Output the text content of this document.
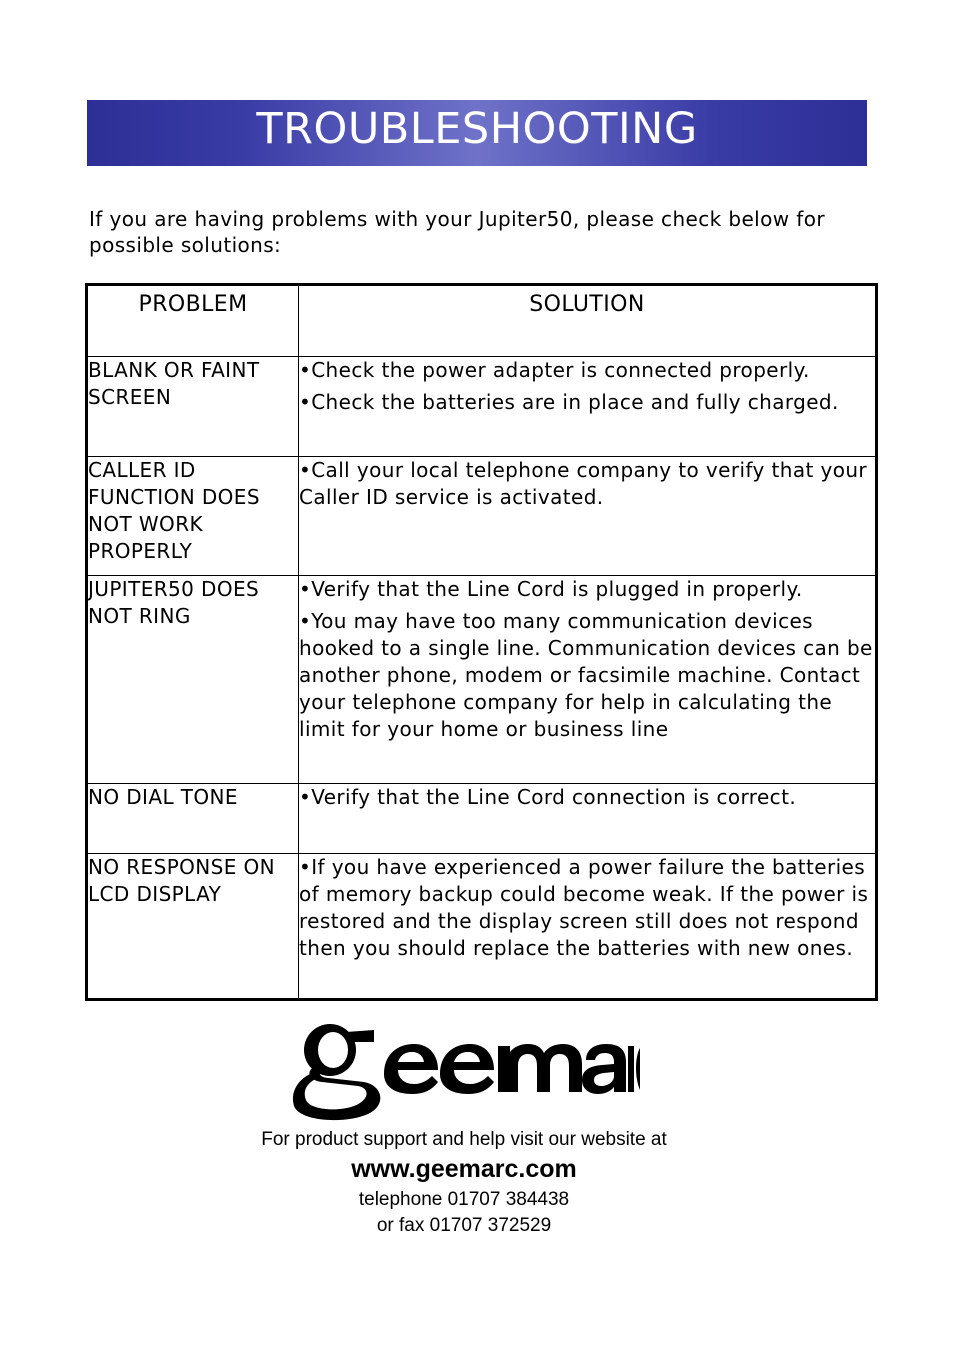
TROUBLESHOOTING
If you are having problems with your Jupiter50, please check below for possible solutions:
PROBLEM	SOLUTION

BLANK OR FAINT SCREEN	•Check the power adapter is connected properly.

•Check the batteries are in place and fully charged.

CALLER ID FUNCTION DOES NOT WORK PROPERLY	•Call your local telephone company to verify that your Caller ID service is activated.

JUPITER50 DOES NOT RING	•Verify that the Line Cord is plugged in properly.

•You may have too many communication devices hooked to a single line. Communication devices can be another phone, modem or facsimile machine. Contact your telephone company for help in calculating the limit for your home or business line

NO DIAL TONE	•Verify that the Line Cord connection is correct.

NO RESPONSE ON LCD DISPLAY	•If you have experienced a power failure the batteries of memory backup could become weak. If the power is restored and the display screen still does not respond then you should replace the batteries with new ones.

For product support and help visit our website at
www.geemarc.com
telephone 01707 384438
or fax 01707 372529
